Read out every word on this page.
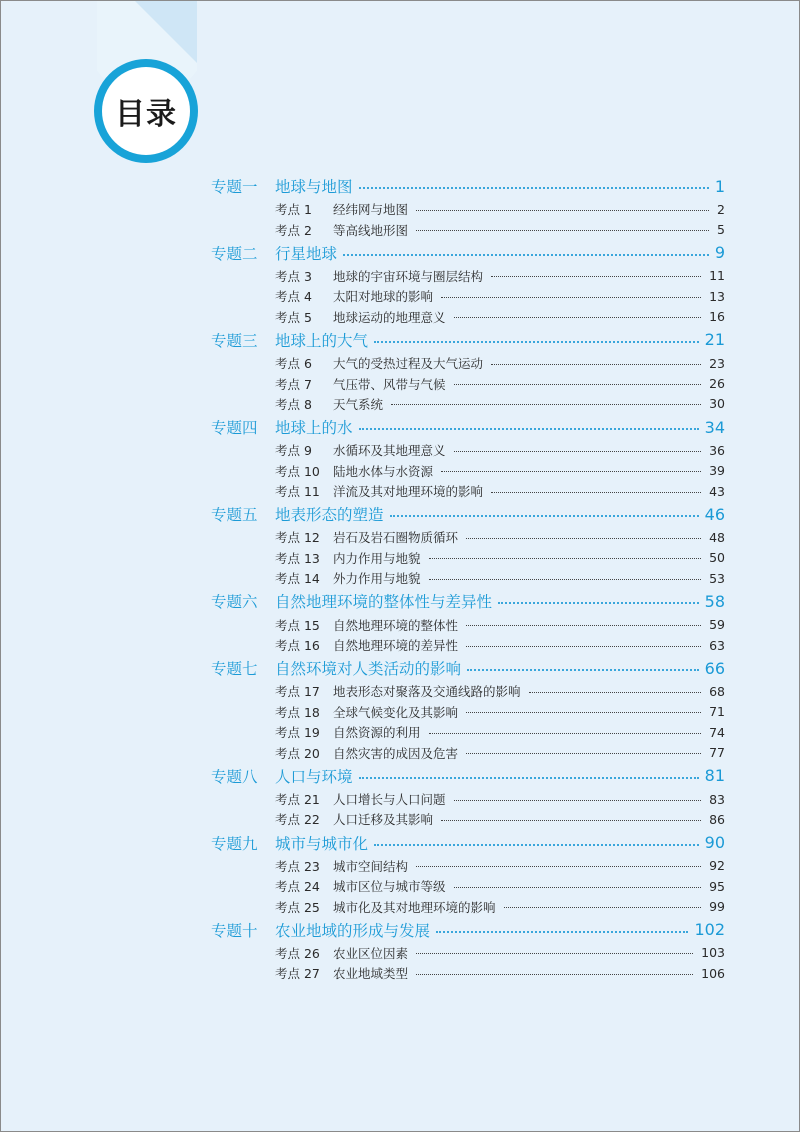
目录
专题一	地球与地图	1
考点 1	经纬网与地图	2
考点 2	等高线地形图	5
专题二	行星地球	9
考点 3	地球的宇宙环境与圈层结构	11
考点 4	太阳对地球的影响	13
考点 5	地球运动的地理意义	16
专题三	地球上的大气	21
考点 6	大气的受热过程及大气运动	23
考点 7	气压带、风带与气候	26
考点 8	天气系统	30
专题四	地球上的水	34
考点 9	水循环及其地理意义	36
考点 10	陆地水体与水资源	39
考点 11	洋流及其对地理环境的影响	43
专题五	地表形态的塑造	46
考点 12	岩石及岩石圈物质循环	48
考点 13	内力作用与地貌	50
考点 14	外力作用与地貌	53
专题六	自然地理环境的整体性与差异性	58
考点 15	自然地理环境的整体性	59
考点 16	自然地理环境的差异性	63
专题七	自然环境对人类活动的影响	66
考点 17	地表形态对聚落及交通线路的影响	68
考点 18	全球气候变化及其影响	71
考点 19	自然资源的利用	74
考点 20	自然灾害的成因及危害	77
专题八	人口与环境	81
考点 21	人口增长与人口问题	83
考点 22	人口迁移及其影响	86
专题九	城市与城市化	90
考点 23	城市空间结构	92
考点 24	城市区位与城市等级	95
考点 25	城市化及其对地理环境的影响	99
专题十	农业地域的形成与发展	102
考点 26	农业区位因素	103
考点 27	农业地域类型	106
